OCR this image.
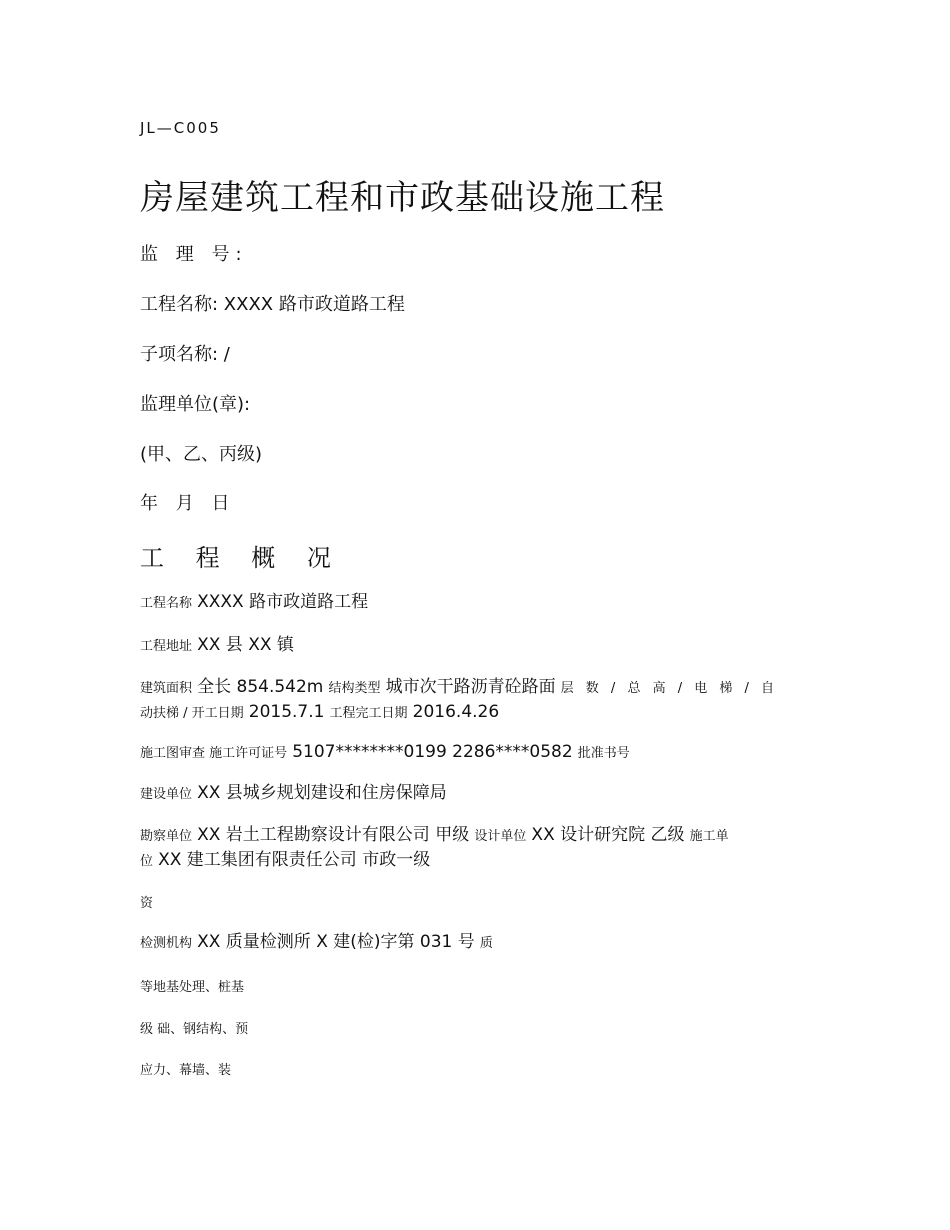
JL—C005
房屋建筑工程和市政基础设施工程
监 理 号:
工程名称: XXXX 路市政道路工程
子项名称: /
监理单位(章):
(甲、乙、丙级)
年 月 日
工 程 概 况
工程名称 XXXX 路市政道路工程
工程地址 XX 县 XX 镇
建筑面积 全长 854.542m 结构类型 城市次干路沥青砼路面 层 数 / 总 高 / 电 梯 / 自
动扶梯 / 开工日期 2015.7.1 工程完工日期 2016.4.26
施工图审查 施工许可证号 5107********0199 2286****0582 批准书号
建设单位 XX 县城乡规划建设和住房保障局
勘察单位 XX 岩土工程勘察设计有限公司 甲级 设计单位 XX 设计研究院 乙级 施工单
位 XX 建工集团有限责任公司 市政一级
资
检测机构 XX 质量检测所 X 建(检)字第 031 号 质
等地基处理、桩基
级 础、钢结构、预
应力、幕墙、装
